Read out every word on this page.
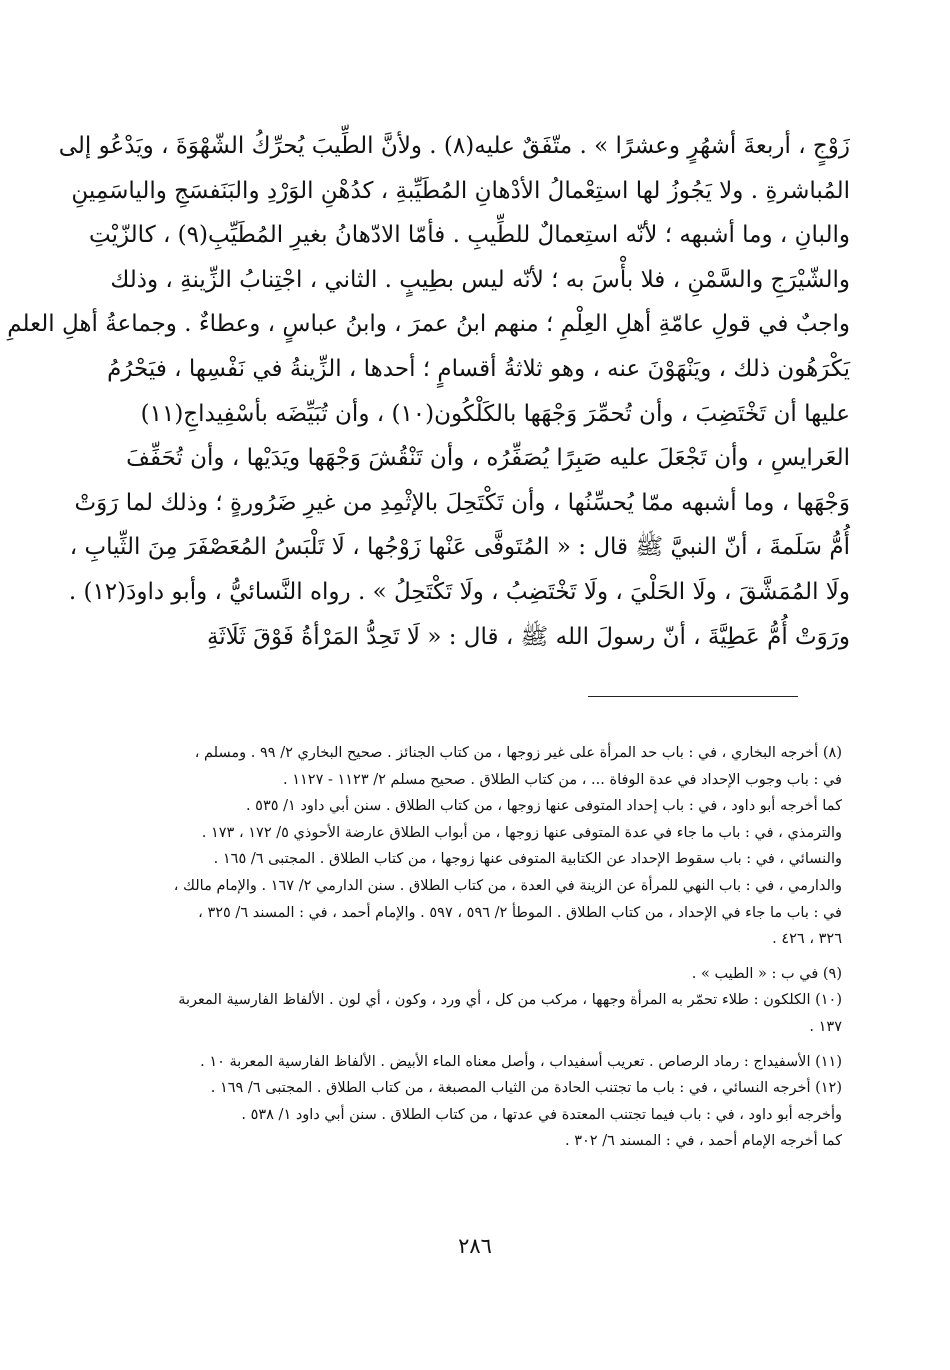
زَوْجٍ ، أربعةَ أشهُرٍ وعشرًا » . متّفَقٌ عليه(٨) . ولأنَّ الطِّيبَ يُحرِّكُ الشّهْوَةَ ، ويَدْعُو إلى
المُباشرةِ . ولا يَجُوزُ لها استِعْمالُ الأدْهانِ المُطَيِّبةِ ، كدُهْنِ الوَرْدِ والبَنَفسَجِ والياسَمِينِ
والبانِ ، وما أشبهه ؛ لأنّه استِعمالٌ للطِّيبِ . فأمّا الادّهانُ بغيرِ المُطَيِّبِ(٩) ، كالزّيْتِ
والشّيْرَجِ والسَّمْنِ ، فلا بأْسَ به ؛ لأنّه ليس بطِيبٍ . الثاني ، اجْتِنابُ الزِّينةِ ، وذلك
واجبٌ في قولِ عامّةِ أهلِ العِلْمِ ؛ منهم ابنُ عمرَ ، وابنُ عباسٍ ، وعطاءٌ . وجماعةُ أهلِ العلمِ
يَكْرَهُون ذلك ، ويَنْهَوْنَ عنه ، وهو ثلاثةُ أقسامٍ ؛ أحدها ، الزِّينةُ في نَفْسِها ، فيَحْرُمُ
عليها أن تَخْتَضِبَ ، وأن تُحمِّرَ وَجْهَها بالكَلْكُون(١٠) ، وأن تُبَيِّضَه بأسْفِيداجِ(١١)
العَرايسِ ، وأن تَجْعَلَ عليه صَبِرًا يُصَفِّرُه ، وأن تَنْقُشَ وَجْهَها ويَدَيْها ، وأن تُحَفِّفَ
وَجْهَها ، وما أشبهه ممّا يُحسِّنُها ، وأن تَكْتَحِلَ بالإثْمِدِ من غيرِ ضَرُورةٍ ؛ وذلك لما رَوَتْ
أُمُّ سَلَمةَ ، أنّ النبيَّ ﷺ قال : « المُتَوفَّى عَنْها زَوْجُها ، لَا تَلْبَسُ المُعَصْفَرَ مِنَ الثِّيابِ ،
ولَا المُمَشَّقَ ، ولَا الحَلْيَ ، ولَا تَخْتَضِبُ ، ولَا تَكْتَحِلُ » . رواه النَّسائيُّ ، وأبو داودَ(١٢) .
ورَوَتْ أُمُّ عَطِيَّةَ ، أنّ رسولَ الله ﷺ ، قال : « لَا تَحِدُّ المَرْأةُ فَوْقَ ثَلَاثَةِ
(٨) أخرجه البخاري ، في : باب حد المرأة على غير زوجها ، من كتاب الجنائز . صحيح البخاري ٢/ ٩٩ . ومسلم ،
في : باب وجوب الإحداد في عدة الوفاة ... ، من كتاب الطلاق . صحيح مسلم ٢/ ١١٢٣ - ١١٢٧ .
كما أخرجه أبو داود ، في : باب إحداد المتوفى عنها زوجها ، من كتاب الطلاق . سنن أبي داود ١/ ٥٣٥ .
والترمذي ، في : باب ما جاء في عدة المتوفى عنها زوجها ، من أبواب الطلاق عارضة الأحوذي ٥/ ١٧٢ ، ١٧٣ .
والنسائي ، في : باب سقوط الإحداد عن الكتابية المتوفى عنها زوجها ، من كتاب الطلاق . المجتبى ٦/ ١٦٥ .
والدارمي ، في : باب النهي للمرأة عن الزينة في العدة ، من كتاب الطلاق . سنن الدارمي ٢/ ١٦٧ . والإمام مالك ،
في : باب ما جاء في الإحداد ، من كتاب الطلاق . الموطأ ٢/ ٥٩٦ ، ٥٩٧ . والإمام أحمد ، في : المسند ٦/ ٣٢٥ ،
٣٢٦ ، ٤٢٦ .
(٩) في ب : « الطيب » .
(١٠) الكلكون : طلاء تحمّر به المرأة وجهها ، مركب من كل ، أي ورد ، وكون ، أي لون . الألفاظ الفارسية المعربة
١٣٧ .
(١١) الأسفيداج : رماد الرصاص . تعريب أسفيداب ، وأصل معناه الماء الأبيض . الألفاظ الفارسية المعربة ١٠ .
(١٢) أخرجه النسائي ، في : باب ما تجتنب الحادة من الثياب المصبغة ، من كتاب الطلاق . المجتبى ٦/ ١٦٩ .
وأخرجه أبو داود ، في : باب فيما تجتنب المعتدة في عدتها ، من كتاب الطلاق . سنن أبي داود ١/ ٥٣٨ .
كما أخرجه الإمام أحمد ، في : المسند ٦/ ٣٠٢ .
٢٨٦
